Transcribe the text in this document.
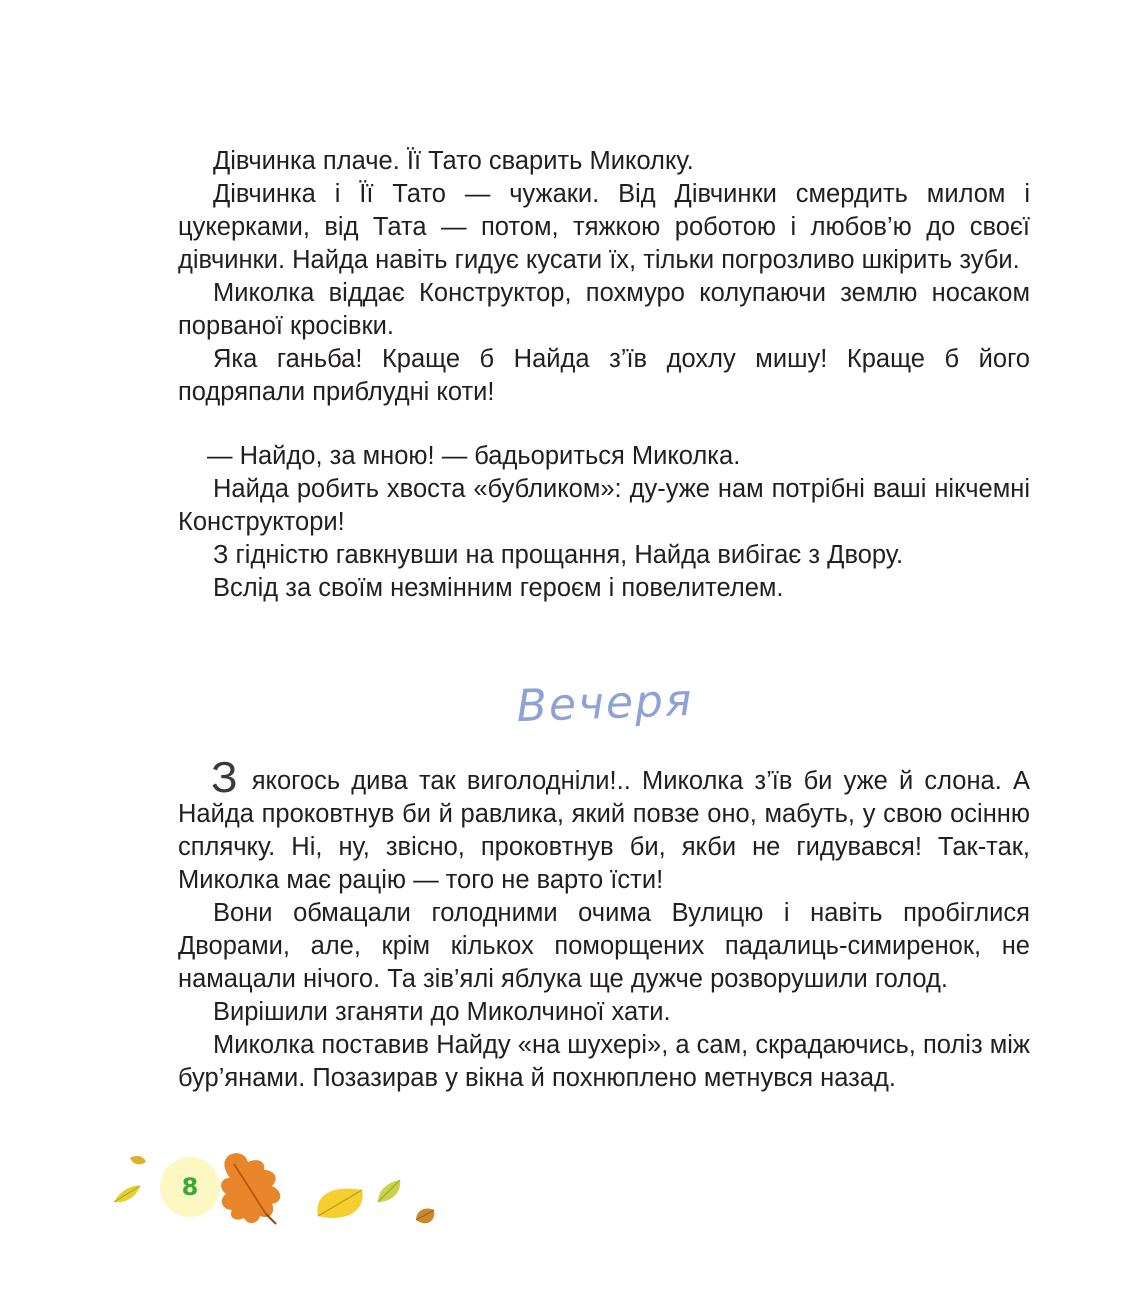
Дівчинка плаче. Її Тато сварить Миколку.

Дівчинка і Її Тато — чужаки. Від Дівчинки смердить милом і цукерками, від Тата — потом, тяжкою роботою і любов’ю до своєї дівчинки. Найда навіть гидує кусати їх, тільки погрозливо шкірить зуби.

Миколка віддає Конструктор, похмуро колупаючи землю носаком порваної кросівки.

Яка ганьба! Краще б Найда з’їв дохлу мишу! Краще б його подряпали приблудні коти!

— Найдо, за мною! — бадьориться Миколка.

Найда робить хвоста «бубликом»: ду-уже нам потрібні ваші нікчемні Конструктори!

З гідністю гавкнувши на прощання, Найда вибігає з Двору.

Вслід за своїм незмінним героєм і повелителем.

Вечеря

З якогось дива так виголодніли!.. Миколка з’їв би уже й слона. А Найда проковтнув би й равлика, який повзе оно, мабуть, у свою осінню сплячку. Ні, ну, звісно, проковтнув би, якби не гидувався! Так-так, Миколка має рацію — того не варто їсти!

Вони обмацали голодними очима Вулицю і навіть пробіглися Дворами, але, крім кількох поморщених падалиць-симиренок, не намацали нічого. Та зів’ялі яблука ще дужче розворушили голод.

Вирішили зганяти до Миколчиної хати.

Миколка поставив Найду «на шухері», а сам, скрадаючись, поліз між бур’янами. Позазирав у вікна й похнюплено метнувся назад.

8
